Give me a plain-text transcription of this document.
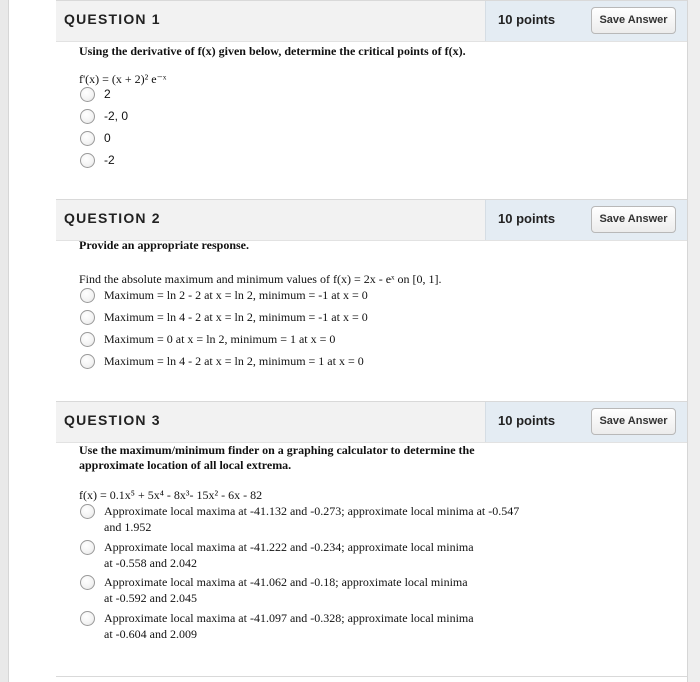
QUESTION 1	10 points	Save Answer
Using the derivative of f(x) given below, determine the critical points of f(x).
f'(x) = (x + 2)² e⁻ˣ
2
-2, 0
0
-2
QUESTION 2	10 points	Save Answer
Provide an appropriate response.
Find the absolute maximum and minimum values of f(x) = 2x - eˣ on [0, 1].
Maximum = ln 2 - 2 at x = ln 2, minimum = -1 at x = 0
Maximum = ln 4 - 2 at x = ln 2, minimum = -1 at x = 0
Maximum = 0 at x = ln 2, minimum = 1 at x = 0
Maximum = ln 4 - 2 at x = ln 2, minimum = 1 at x = 0
QUESTION 3	10 points	Save Answer
Use the maximum/minimum finder on a graphing calculator to determine the
approximate location of all local extrema.
f(x) = 0.1x⁵ + 5x⁴ - 8x³- 15x² - 6x - 82
Approximate local maxima at -41.132 and -0.273; approximate local minima at -0.547
and 1.952
Approximate local maxima at -41.222 and -0.234; approximate local minima
at -0.558 and 2.042
Approximate local maxima at -41.062 and -0.18; approximate local minima
at -0.592 and 2.045
Approximate local maxima at -41.097 and -0.328; approximate local minima
at -0.604 and 2.009
